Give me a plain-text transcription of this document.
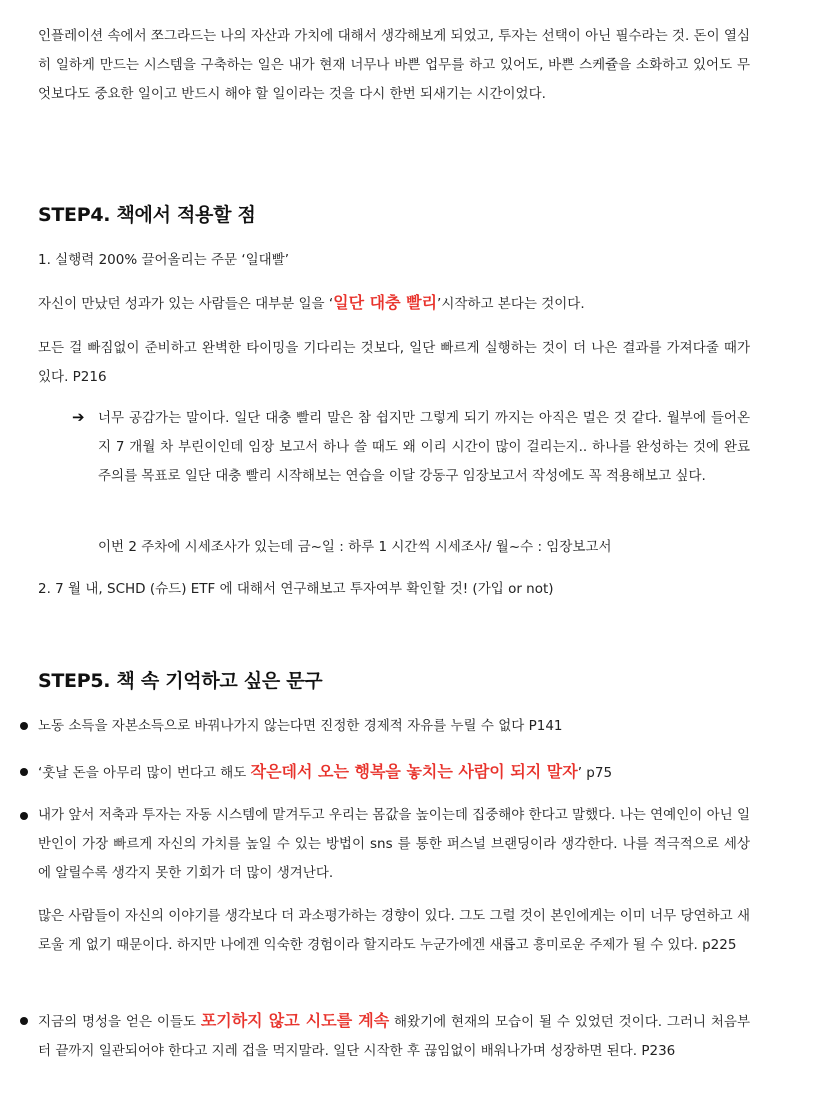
인플레이션 속에서 쪼그라드는 나의 자산과 가치에 대해서 생각해보게 되었고, 투자는 선택이 아닌 필수라는 것. 돈이 열심히 일하게 만드는 시스템을 구축하는 일은 내가 현재 너무나 바쁜 업무를 하고 있어도, 바쁜 스케쥴을 소화하고 있어도 무엇보다도 중요한 일이고 반드시 해야 할 일이라는 것을 다시 한번 되새기는 시간이었다.
STEP4. 책에서 적용할 점
1. 실행력 200% 끌어올리는 주문 ‘일대빨’
자신이 만났던 성과가 있는 사람들은 대부분 일을 ‘일단 대충 빨리’시작하고 본다는 것이다.
모든 걸 빠짐없이 준비하고 완벽한 타이밍을 기다리는 것보다, 일단 빠르게 실행하는 것이 더 나은 결과를 가져다줄 때가 있다. P216
➔ 너무 공감가는 말이다. 일단 대충 빨리 말은 참 쉽지만 그렇게 되기 까지는 아직은 멀은 것 같다. 월부에 들어온지 7 개월 차 부린이인데 임장 보고서 하나 쓸 때도 왜 이리 시간이 많이 걸리는지.. 하나를 완성하는 것에 완료주의를 목표로 일단 대충 빨리 시작해보는 연습을 이달 강동구 임장보고서 작성에도 꼭 적용해보고 싶다.
이번 2 주차에 시세조사가 있는데 금~일 : 하루 1 시간씩 시세조사/ 월~수 : 임장보고서
2. 7 월 내, SCHD (슈드) ETF 에 대해서 연구해보고 투자여부 확인할 것! (가입 or not)
STEP5. 책 속 기억하고 싶은 문구
노동 소득을 자본소득으로 바꿔나가지 않는다면 진정한 경제적 자유를 누릴 수 없다 P141
‘훗날 돈을 아무리 많이 번다고 해도 작은데서 오는 행복을 놓치는 사람이 되지 말자’ p75
내가 앞서 저축과 투자는 자동 시스템에 맡겨두고 우리는 몸값을 높이는데 집중해야 한다고 말했다. 나는 연예인이 아닌 일반인이 가장 빠르게 자신의 가치를 높일 수 있는 방법이 sns 를 통한 퍼스널 브랜딩이라 생각한다. 나를 적극적으로 세상에 알릴수록 생각지 못한 기회가 더 많이 생겨난다.
많은 사람들이 자신의 이야기를 생각보다 더 과소평가하는 경향이 있다. 그도 그럴 것이 본인에게는 이미 너무 당연하고 새로울 게 없기 때문이다. 하지만 나에겐 익숙한 경험이라 할지라도 누군가에겐 새롭고 흥미로운 주제가 될 수 있다. p225
지금의 명성을 얻은 이들도 포기하지 않고 시도를 계속 해왔기에 현재의 모습이 될 수 있었던 것이다. 그러니 처음부터 끝까지 일관되어야 한다고 지레 겁을 먹지말라. 일단 시작한 후 끊임없이 배워나가며 성장하면 된다. P236
